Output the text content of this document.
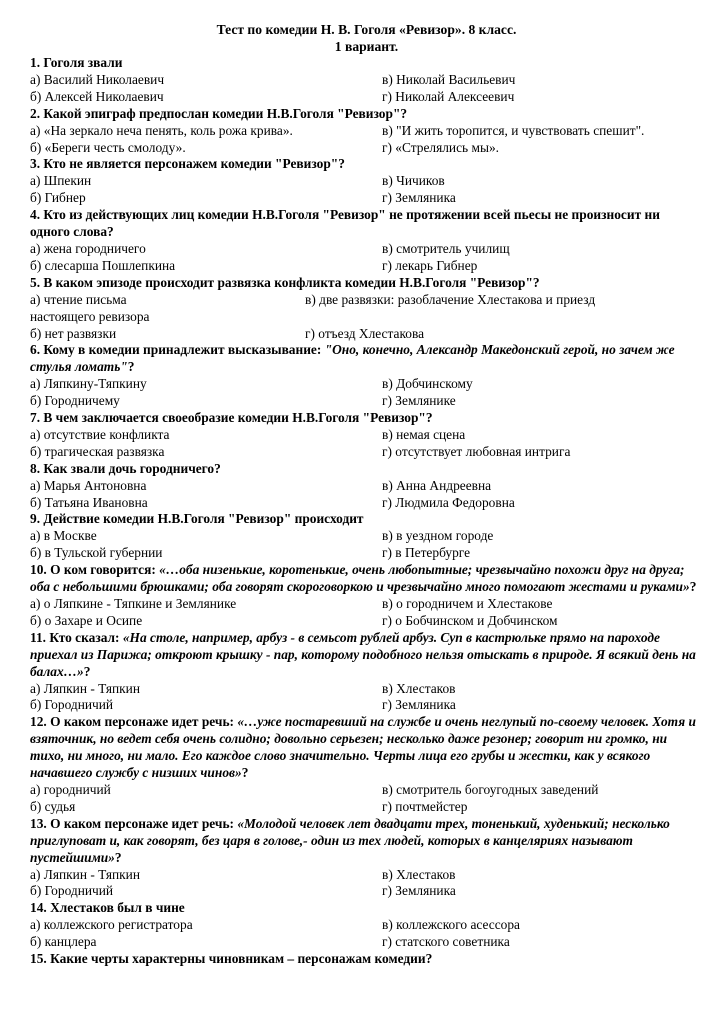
Тест по комедии Н. В. Гоголя «Ревизор». 8 класс.
1 вариант.
1. Гоголя звали
а) Василий Николаевич	в) Николай Васильевич
б) Алексей Николаевич	г) Николай Алексеевич
2. Какой эпиграф предпослан комедии Н.В.Гоголя "Ревизор"?
а) «На зеркало неча пенять, коль рожа крива».	в) "И жить торопится, и чувствовать спешит".
б) «Береги честь смолоду».	г) «Стрелялись мы».
3. Кто не является персонажем комедии "Ревизор"?
а) Шпекин	в) Чичиков
б) Гибнер	г) Земляника
4. Кто из действующих лиц комедии Н.В.Гоголя "Ревизор" не протяжении всей пьесы не произносит ни одного слова?
а) жена городничего	в) смотритель училищ
б) слесарша Пошлепкина	г) лекарь Гибнер
5. В каком эпизоде происходит развязка конфликта комедии Н.В.Гоголя "Ревизор"?
а) чтение письма	в) две развязки: разоблачение Хлестакова и приезд
настоящего ревизора
б) нет развязки	г) отъезд Хлестакова
6. Кому в комедии принадлежит высказывание: "Оно, конечно, Александр Македонский герой, но зачем же стулья ломать"?
а) Ляпкину-Тяпкину	в) Добчинскому
б) Городничему	г) Землянике
7. В чем заключается своеобразие комедии Н.В.Гоголя "Ревизор"?
а) отсутствие конфликта	в) немая сцена
б) трагическая развязка	г) отсутствует любовная интрига
8. Как звали дочь городничего?
а) Марья Антоновна	в) Анна Андреевна
б) Татьяна Ивановна	г) Людмила Федоровна
9. Действие комедии Н.В.Гоголя "Ревизор" происходит
а) в Москве	в) в уездном городе
б) в Тульской губернии	г) в Петербурге
10. О ком говорится: «…оба низенькие, коротенькие, очень любопытные; чрезвычайно похожи друг на друга; оба с небольшими брюшками; оба говорят скороговоркою и чрезвычайно много помогают жестами и руками»?
а) о Ляпкине - Тяпкине и Землянике	в) о городничем и Хлестакове
б) о Захаре и Осипе	г) о Бобчинском и Добчинском
11. Кто сказал: «На столе, например, арбуз - в семьсот рублей арбуз. Суп в кастрюльке прямо на пароходе приехал из Парижа; откроют крышку - пар, которому подобного нельзя отыскать в природе. Я всякий день на балах…»?
а) Ляпкин - Тяпкин	в) Хлестаков
б) Городничий	г) Земляника
12. О каком персонаже идет речь: «…уже постаревший на службе и очень неглупый по-своему человек. Хотя и взяточник, но ведет себя очень солидно; довольно серьезен; несколько даже резонер; говорит ни громко, ни тихо, ни много, ни мало. Его каждое слово значительно. Черты лица его грубы и жестки, как у всякого начавшего службу с низших чинов»?
а) городничий	в) смотритель богоугодных заведений
б) судья	г) почтмейстер
13. О каком персонаже идет речь: «Молодой человек лет двадцати трех, тоненький, худенький; несколько приглуповат и, как говорят, без царя в голове,- один из тех людей, которых в канцеляриях называют пустейшими»?
а) Ляпкин - Тяпкин	в) Хлестаков
б) Городничий	г) Земляника
14. Хлестаков был в чине
а) коллежского регистратора	в) коллежского асессора
б) канцлера	г) статского советника
15. Какие черты характерны чиновникам – персонажам комедии?
